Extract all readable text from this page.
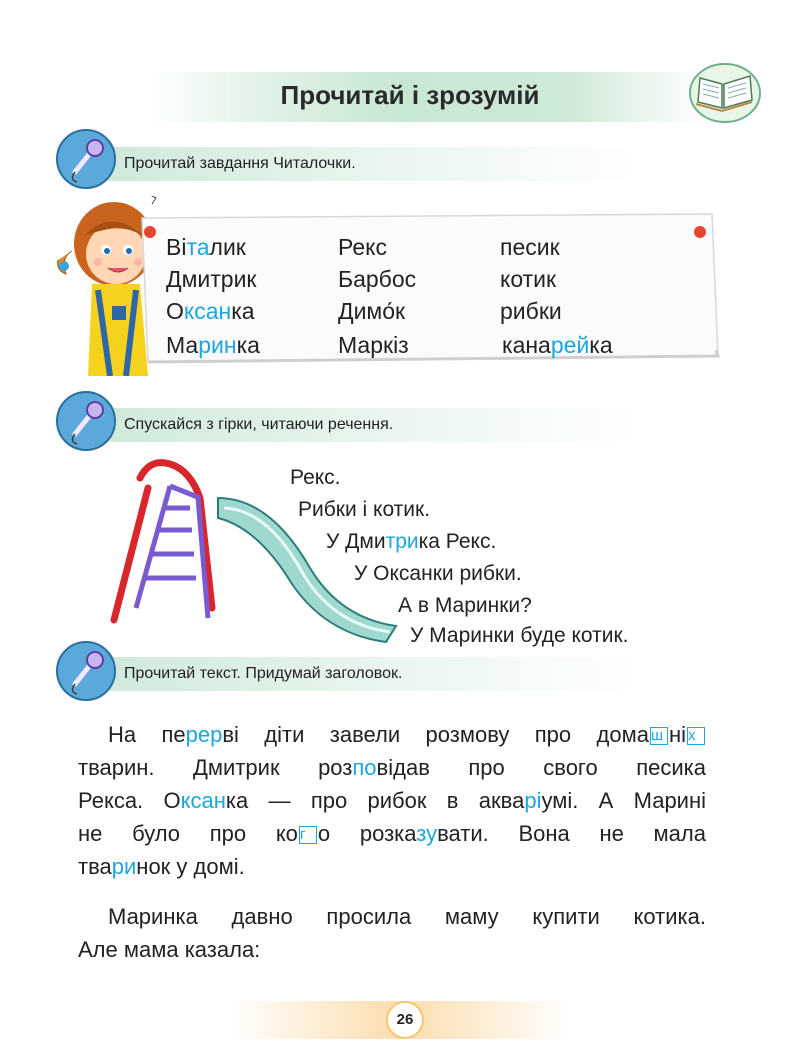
Прочитай і зрозумій
Прочитай завдання Читалочки.
Віталик
Дмитрик
Оксанка
Маринка
Рекс
Барбос
Димо́к
Маркіз
песик
котик
рибки
канарейка
Спускайся з гірки, читаючи речення.
Рекс.
Рибки і котик.
У Дмитрика Рекс.
У Оксанки рибки.
А в Маринки?
У Маринки буде котик.
Прочитай текст. Придумай заголовок.
На перерві діти завели розмову про дома ш ні х
тварин. Дмитрик розповідав про свого песика
Рекса. Оксанка — про рибок в акваріумі. А Марині
не було про ко г о розказувати. Вона не мала
тваринок у домі.
Маринка давно просила маму купити котика.
Але мама казала:
26
